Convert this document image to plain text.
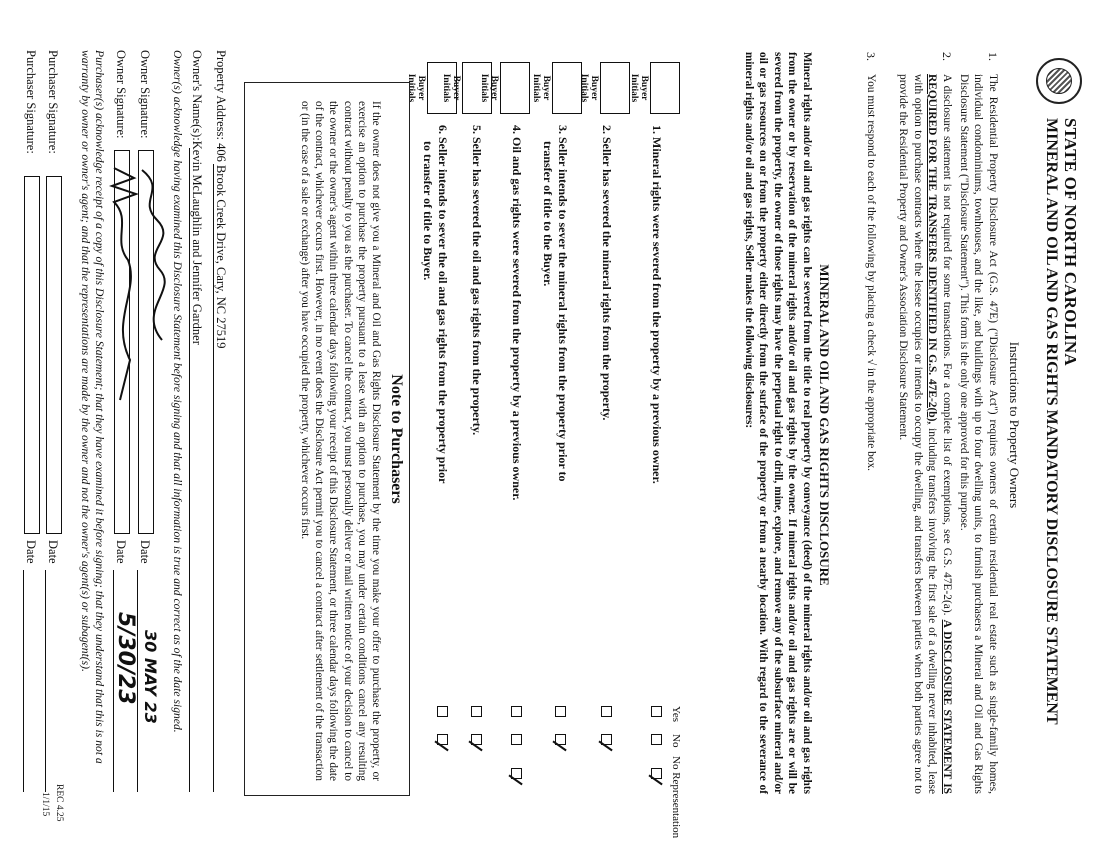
STATE OF NORTH CAROLINA
MINERAL AND OIL AND GAS RIGHTS MANDATORY DISCLOSURE STATEMENT
Instructions to Property Owners
1.
The Residential Property Disclosure Act (G.S. 47E) ("Disclosure Act") requires owners of certain residential real estate such as single-family homes, individual condominiums, townhouses, and the like, and buildings with up to four dwelling units, to furnish purchasers a Mineral and Oil and Gas Rights Disclosure Statement ("Disclosure Statement"). This form is the only one approved for this purpose.
2.
A disclosure statement is not required for some transactions. For a complete list of exemptions, see G.S. 47E-2(a). A DISCLOSURE STATEMENT IS REQUIRED FOR THE TRANSFERS IDENTIFIED IN G.S. 47E-2(b), including transfers involving the first sale of a dwelling never inhabited, lease with option to purchase contracts where the lessee occupies or intends to occupy the dwelling, and transfers between parties when both parties agree not to provide the Residential Property and Owner's Association Disclosure Statement.
3.
You must respond to each of the following by placing a check √ in the appropriate box.
MINERAL AND OIL AND GAS RIGHTS DISCLOSURE
Mineral rights and/or oil and gas rights can be severed from the title to real property by conveyance (deed) of the mineral rights and/or oil and gas rights from the owner or by reservation of the mineral rights and/or oil and gas rights by the owner. If mineral rights and/or oil and gas rights are or will be severed from the property, the owner of those rights may have the perpetual right to drill, mine, explore, and remove any of the subsurface mineral and/or oil or gas resources on or from the property either directly from the surface of the property or from a nearby location. With regard to the severance of mineral rights and/or oil and gas rights, Seller makes the following disclosures:
Yes
No
No Representation
Buyer Initials
1. Mineral rights were severed from the property by a previous owner.
Buyer Initials
2. Seller has severed the mineral rights from the property.
Buyer Initials
3. Seller intends to sever the mineral rights from the property prior to
transfer of title to the Buyer.
Buyer Initials
4. Oil and gas rights were severed from the property by a previous owner.
Buyer Initials
5. Seller has severed the oil and gas rights from the property.
Buyer Initials
6. Seller intends to sever the oil and gas rights from the property prior
to transfer of title to Buyer.
Note to Purchasers
If the owner does not give you a Mineral and Oil and Gas Rights Disclosure Statement by the time you make your offer to purchase the property, or exercise an option to purchase the property pursuant to a lease with an option to purchase, you may under certain conditions cancel any resulting contract without penalty to you as the purchaser. To cancel the contract, you must personally deliver or mail written notice of your decision to cancel to the owner or the owner's agent within three calendar days following your receipt of this Disclosure Statement, or three calendar days following the date of the contract, whichever occurs first. However, in no event does the Disclosure Act permit you to cancel a contract after settlement of the transaction or (in the case of a sale or exchange) after you have occupied the property, whichever occurs first.
Property Address: 406 Brook Creek Drive, Cary, NC 27519
Owner's Name(s):Kevin McLaughlin and Jennifer Gardner
Owner(s) acknowledge having examined this Disclosure Statement before signing and that all information is true and correct as of the date signed.
Owner Signature:
Date
30 MAY 23
Owner Signature:
Date
5/30/23
Purchaser(s) acknowledge receipt of a copy of this Disclosure Statement; that they have examined it before signing; that they understand that this is not a warranty by owner or owner's agent; and that the representations are made by the owner and not the owner's agent(s) or subagent(s).
Purchaser Signature:
Date
Purchaser Signature:
Date
REC 4.25
1/1/15
